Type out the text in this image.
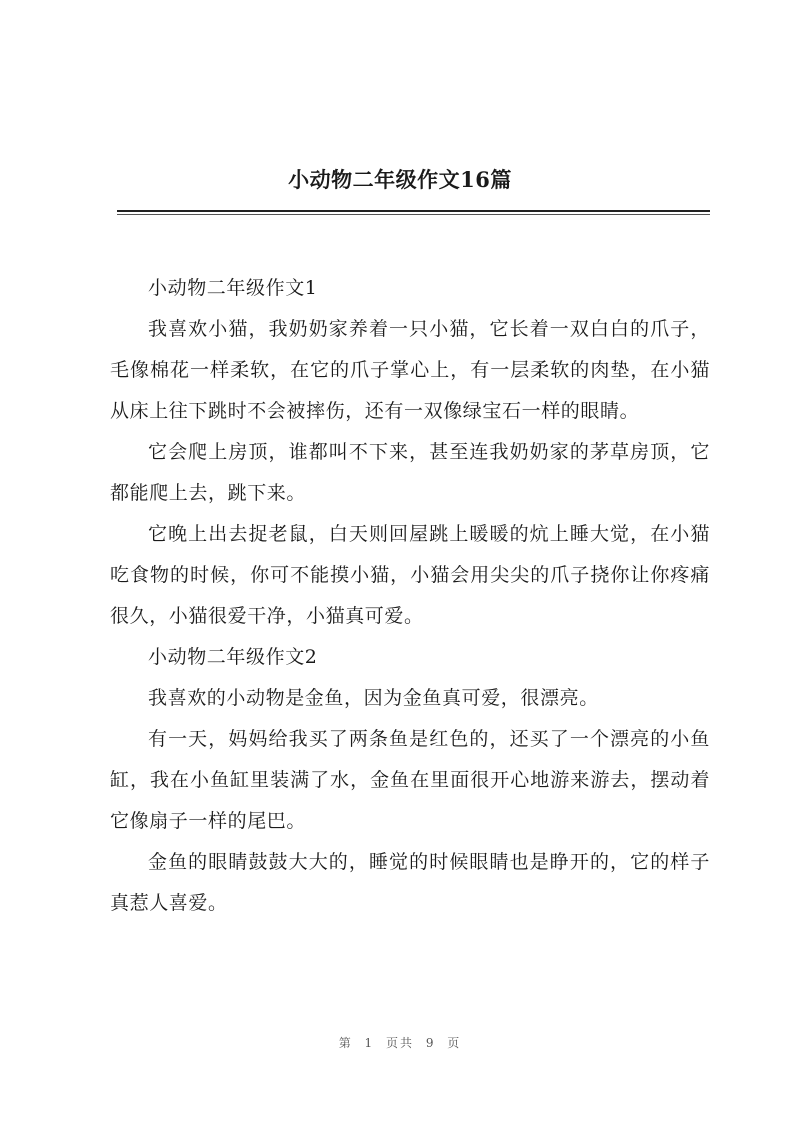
小动物二年级作文16篇

小动物二年级作文1

我喜欢小猫，我奶奶家养着一只小猫，它长着一双白白的爪子，毛像棉花一样柔软，在它的爪子掌心上，有一层柔软的肉垫，在小猫从床上往下跳时不会被摔伤，还有一双像绿宝石一样的眼睛。

它会爬上房顶，谁都叫不下来，甚至连我奶奶家的茅草房顶，它都能爬上去，跳下来。

它晚上出去捉老鼠，白天则回屋跳上暖暖的炕上睡大觉，在小猫吃食物的时候，你可不能摸小猫，小猫会用尖尖的爪子挠你让你疼痛很久，小猫很爱干净，小猫真可爱。

小动物二年级作文2

我喜欢的小动物是金鱼，因为金鱼真可爱，很漂亮。

有一天，妈妈给我买了两条鱼是红色的，还买了一个漂亮的小鱼缸，我在小鱼缸里装满了水，金鱼在里面很开心地游来游去，摆动着它像扇子一样的尾巴。

金鱼的眼睛鼓鼓大大的，睡觉的时候眼睛也是睁开的，它的样子真惹人喜爱。

第 1 页共 9 页
